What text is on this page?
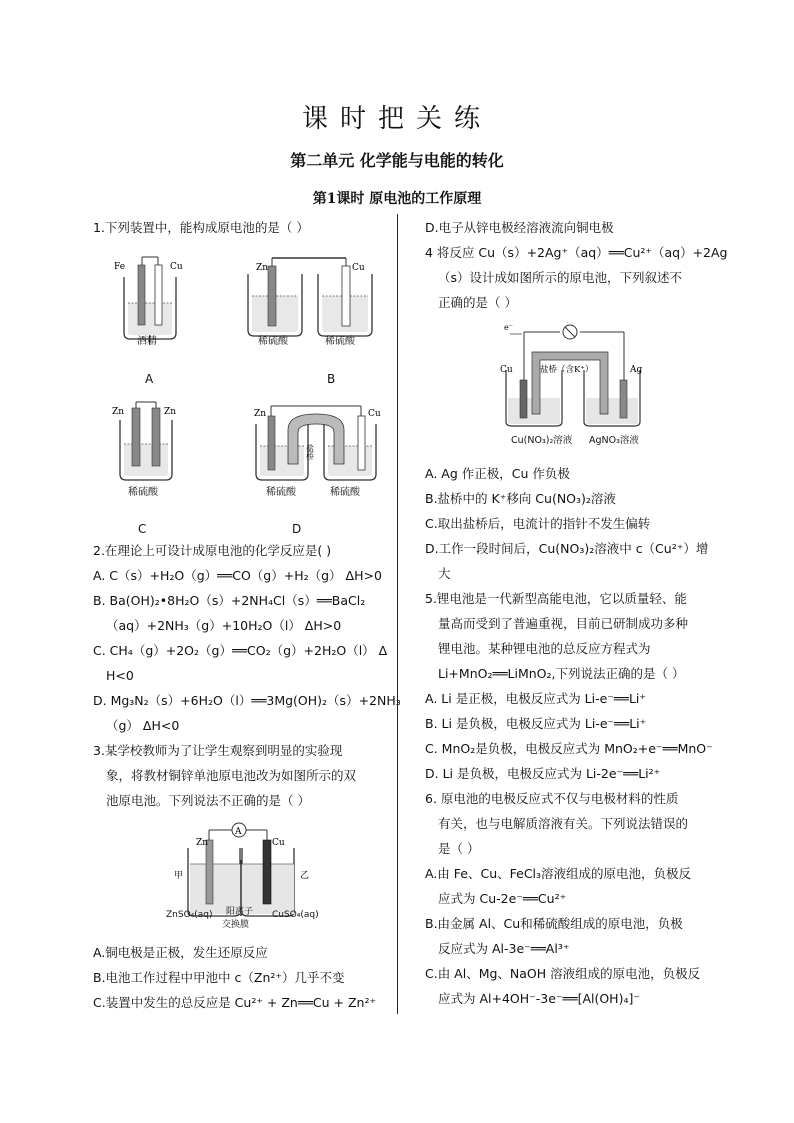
课时把关练
第二单元 化学能与电能的转化
第1课时 原电池的工作原理

1.下列装置中，能构成原电池的是（ ）

Fe	Cu
酒精
A
Zn	Cu
稀硫酸	稀硫酸
B
Zn	Zn
稀硫酸
C
Zn	Cu
盐桥
稀硫酸	稀硫酸
D

2.在理论上可设计成原电池的化学反应是( )

A. C（s）+H₂O（g）══CO（g）+H₂（g） ΔH>0

B. Ba(OH)₂•8H₂O（s）+2NH₄Cl（s）══BaCl₂

（aq）+2NH₃（g）+10H₂O（l） ΔH>0

C. CH₄（g）+2O₂（g）══CO₂（g）+2H₂O（l） Δ

H<0

D. Mg₃N₂（s）+6H₂O（l）══3Mg(OH)₂（s）+2NH₃

（g） ΔH<0

3.某学校教师为了让学生观察到明显的实验现

象，将教材铜锌单池原电池改为如图所示的双

池原电池。下列说法不正确的是（ ）

A
Zn	Cu
甲	乙
ZnSO₄(aq) 阳离子
交换膜
CuSO₄(aq)

A.铜电极是正极，发生还原反应

B.电池工作过程中甲池中 c（Zn²⁺）几乎不变

C.装置中发生的总反应是 Cu²⁺ + Zn══Cu + Zn²⁺

D.电子从锌电极经溶液流向铜电极

4 将反应 Cu（s）+2Ag⁺（aq）══Cu²⁺（aq）+2Ag

（s）设计成如图所示的原电池，下列叙述不

正确的是（ ）

e⁻
盐桥（含K⁺）
Cu	Ag
Cu(NO₃)₂溶液 AgNO₃溶液

A. Ag 作正极，Cu 作负极

B.盐桥中的 K⁺移向 Cu(NO₃)₂溶液

C.取出盐桥后，电流计的指针不发生偏转

D.工作一段时间后，Cu(NO₃)₂溶液中 c（Cu²⁺）增

大

5.锂电池是一代新型高能电池，它以质量轻、能

量高而受到了普遍重视，目前已研制成功多种

锂电池。某种锂电池的总反应方程式为

Li+MnO₂══LiMnO₂,下列说法正确的是（ ）

A. Li 是正极，电极反应式为 Li-e⁻══Li⁺

B. Li 是负极，电极反应式为 Li-e⁻══Li⁺

C. MnO₂是负极，电极反应式为 MnO₂+e⁻══MnO⁻

D. Li 是负极，电极反应式为 Li-2e⁻══Li²⁺

6. 原电池的电极反应式不仅与电极材料的性质

有关，也与电解质溶液有关。下列说法错误的

是（ ）

A.由 Fe、Cu、FeCl₃溶液组成的原电池，负极反

应式为 Cu-2e⁻══Cu²⁺

B.由金属 Al、Cu和稀硫酸组成的原电池，负极

反应式为 Al-3e⁻══Al³⁺

C.由 Al、Mg、NaOH 溶液组成的原电池，负极反

应式为 Al+4OH⁻-3e⁻══[Al(OH)₄]⁻
